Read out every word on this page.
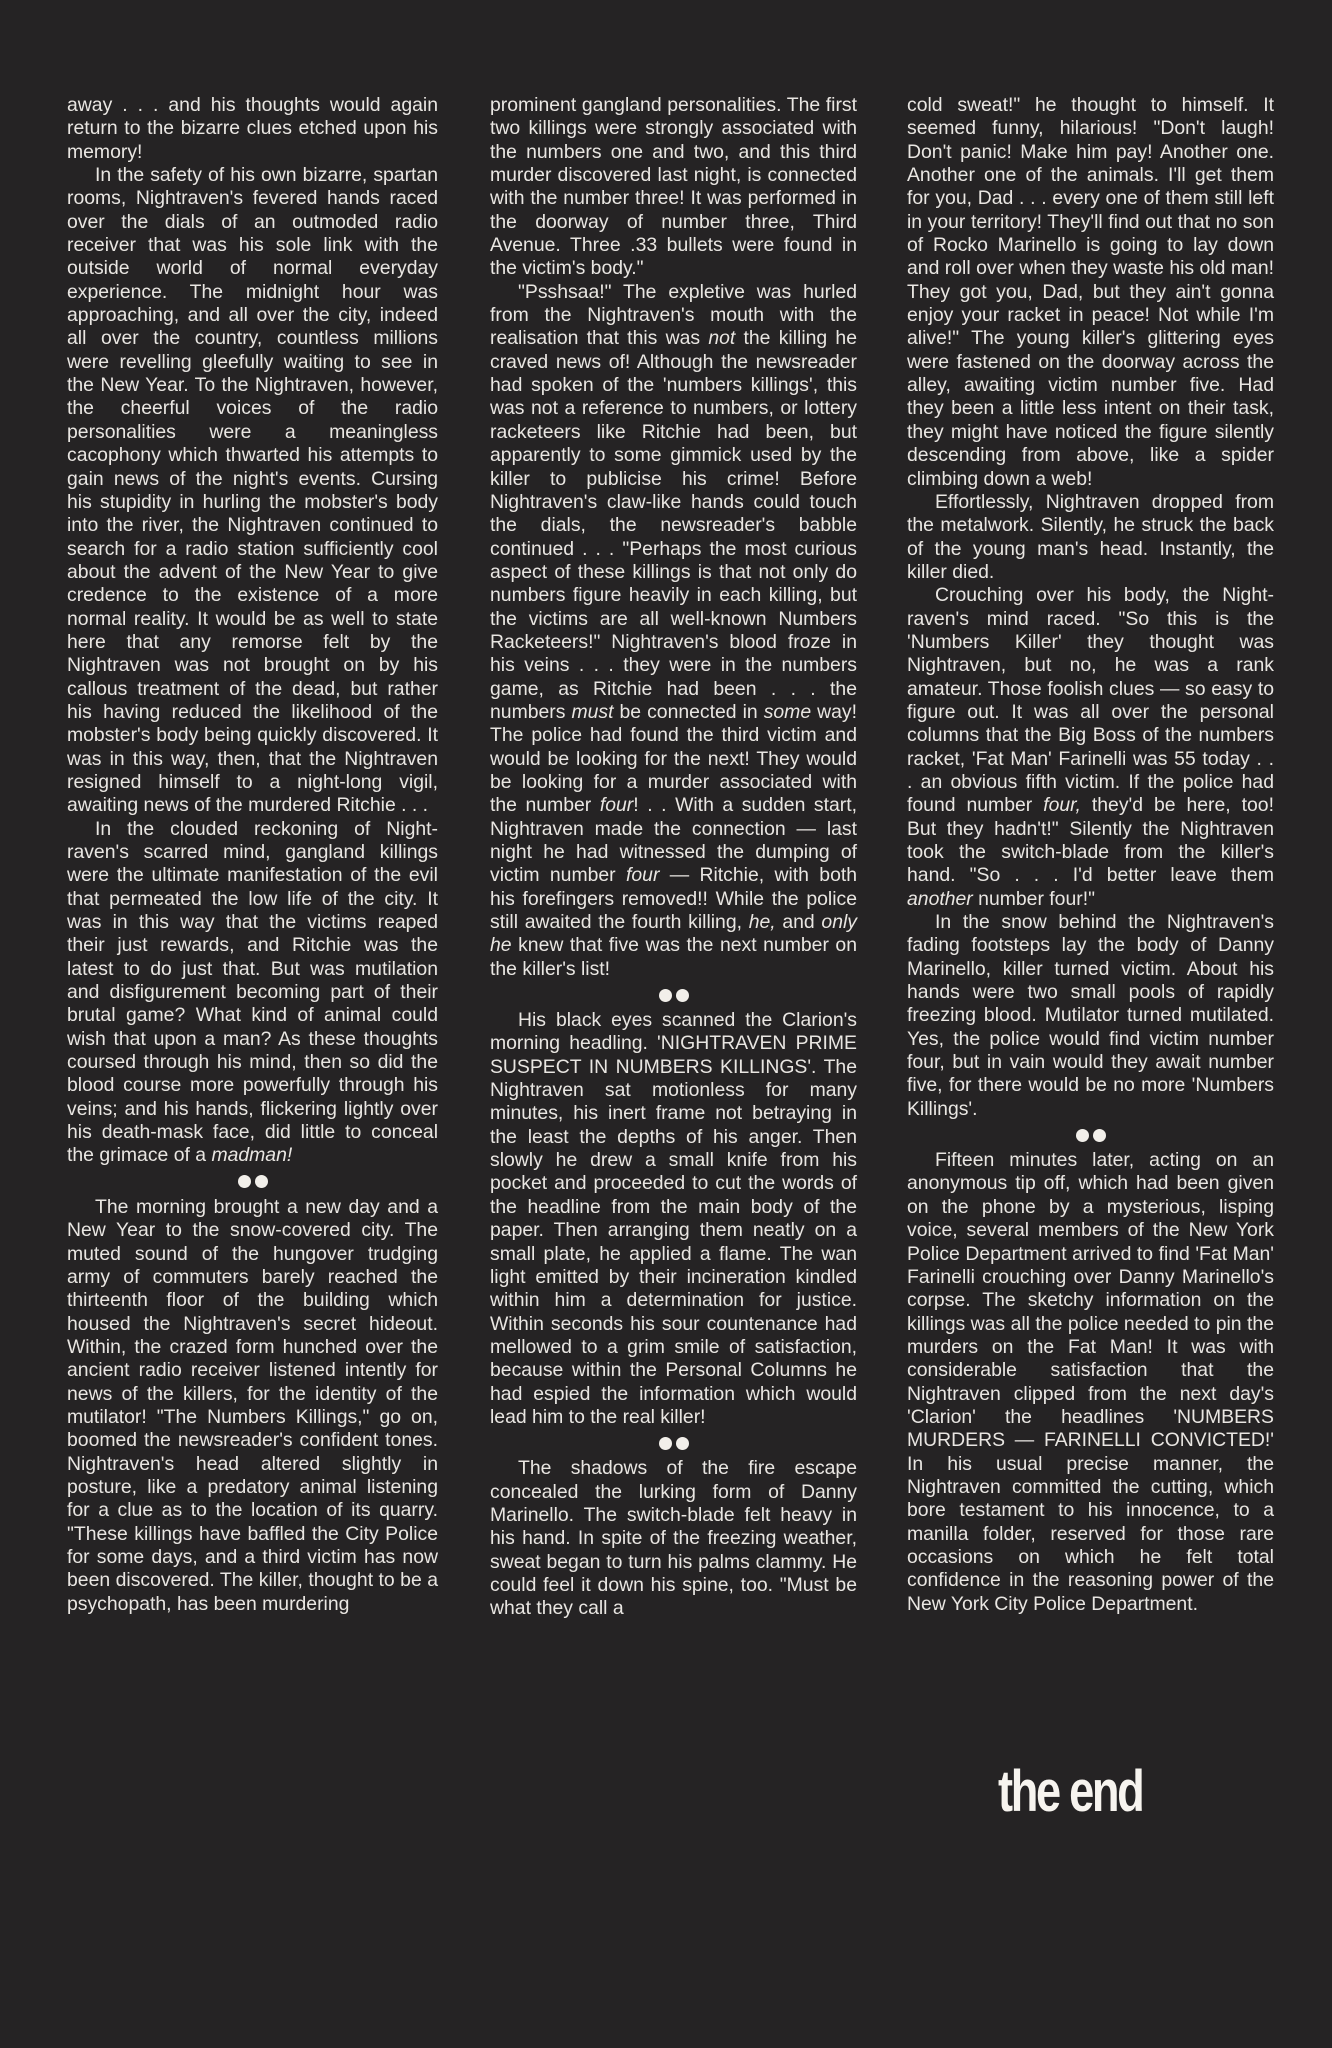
away . . . and his thoughts would again return to the bizarre clues etched upon his memory!

In the safety of his own bizarre, spartan rooms, Nightraven's fevered hands raced over the dials of an outmoded radio receiver that was his sole link with the outside world of normal everyday experience. The midnight hour was approaching, and all over the city, indeed all over the country, countless millions were revelling gleefully waiting to see in the New Year. To the Nightraven, however, the cheerful voices of the radio personalities were a meaningless cacophony which thwarted his attempts to gain news of the night's events. Cursing his stupidity in hurling the mobster's body into the river, the Nightraven continued to search for a radio station sufficiently cool about the advent of the New Year to give credence to the existence of a more normal reality. It would be as well to state here that any remorse felt by the Nightraven was not brought on by his callous treatment of the dead, but rather his having reduced the likelihood of the mobster's body being quickly discovered. It was in this way, then, that the Nightraven resigned himself to a night-long vigil, awaiting news of the murdered Ritchie . . .

In the clouded reckoning of Nightraven's scarred mind, gangland killings were the ultimate manifestation of the evil that permeated the low life of the city. It was in this way that the victims reaped their just rewards, and Ritchie was the latest to do just that. But was mutilation and disfigurement becoming part of their brutal game? What kind of animal could wish that upon a man? As these thoughts coursed through his mind, then so did the blood course more powerfully through his veins; and his hands, flickering lightly over his death-mask face, did little to conceal the grimace of a madman!

The morning brought a new day and a New Year to the snow-covered city. The muted sound of the hungover trudging army of commuters barely reached the thirteenth floor of the building which housed the Nightraven's secret hideout. Within, the crazed form hunched over the ancient radio receiver listened intently for news of the killers, for the identity of the mutilator! "The Numbers Killings," go on, boomed the newsreader's confident tones. Nightraven's head altered slightly in posture, like a predatory animal listening for a clue as to the location of its quarry. "These killings have baffled the City Police for some days, and a third victim has now been discovered. The killer, thought to be a psychopath, has been murdering

prominent gangland personalities. The first two killings were strongly associated with the numbers one and two, and this third murder discovered last night, is connected with the number three! It was performed in the doorway of number three, Third Avenue. Three .33 bullets were found in the victim's body."

"Psshsaa!" The expletive was hurled from the Nightraven's mouth with the realisation that this was not the killing he craved news of! Although the newsreader had spoken of the 'numbers killings', this was not a reference to numbers, or lottery racketeers like Ritchie had been, but apparently to some gimmick used by the killer to publicise his crime! Before Nightraven's claw-like hands could touch the dials, the newsreader's babble continued . . . "Perhaps the most curious aspect of these killings is that not only do numbers figure heavily in each killing, but the victims are all well-known Numbers Racketeers!" Nightraven's blood froze in his veins . . . they were in the numbers game, as Ritchie had been . . . the numbers must be connected in some way! The police had found the third victim and would be looking for the next! They would be looking for a murder associated with the number four! . . With a sudden start, Nightraven made the connection — last night he had witnessed the dumping of victim number four — Ritchie, with both his forefingers removed!! While the police still awaited the fourth killing, he, and only he knew that five was the next number on the killer's list!

His black eyes scanned the Clarion's morning headling. 'NIGHTRAVEN PRIME SUSPECT IN NUMBERS KILLINGS'. The Nightraven sat motionless for many minutes, his inert frame not betraying in the least the depths of his anger. Then slowly he drew a small knife from his pocket and proceeded to cut the words of the headline from the main body of the paper. Then arranging them neatly on a small plate, he applied a flame. The wan light emitted by their incineration kindled within him a determination for justice. Within seconds his sour countenance had mellowed to a grim smile of satisfaction, because within the Personal Columns he had espied the information which would lead him to the real killer!

The shadows of the fire escape concealed the lurking form of Danny Marinello. The switch-blade felt heavy in his hand. In spite of the freezing weather, sweat began to turn his palms clammy. He could feel it down his spine, too. "Must be what they call a

cold sweat!" he thought to himself. It seemed funny, hilarious! "Don't laugh! Don't panic! Make him pay! Another one. Another one of the animals. I'll get them for you, Dad . . . every one of them still left in your territory! They'll find out that no son of Rocko Marinello is going to lay down and roll over when they waste his old man! They got you, Dad, but they ain't gonna enjoy your racket in peace! Not while I'm alive!" The young killer's glittering eyes were fastened on the doorway across the alley, awaiting victim number five. Had they been a little less intent on their task, they might have noticed the figure silently descending from above, like a spider climbing down a web!

Effortlessly, Nightraven dropped from the metalwork. Silently, he struck the back of the young man's head. Instantly, the killer died.

Crouching over his body, the Nightraven's mind raced. "So this is the 'Numbers Killer' they thought was Nightraven, but no, he was a rank amateur. Those foolish clues — so easy to figure out. It was all over the personal columns that the Big Boss of the numbers racket, 'Fat Man' Farinelli was 55 today . . . an obvious fifth victim. If the police had found number four, they'd be here, too! But they hadn't!" Silently the Nightraven took the switch-blade from the killer's hand. "So . . . I'd better leave them another number four!"

In the snow behind the Nightraven's fading footsteps lay the body of Danny Marinello, killer turned victim. About his hands were two small pools of rapidly freezing blood. Mutilator turned mutilated. Yes, the police would find victim number four, but in vain would they await number five, for there would be no more 'Numbers Killings'.

Fifteen minutes later, acting on an anonymous tip off, which had been given on the phone by a mysterious, lisping voice, several members of the New York Police Department arrived to find 'Fat Man' Farinelli crouching over Danny Marinello's corpse. The sketchy information on the killings was all the police needed to pin the murders on the Fat Man! It was with considerable satisfaction that the Nightraven clipped from the next day's 'Clarion' the headlines 'NUMBERS MURDERS — FARINELLI CONVICTED!' In his usual precise manner, the Nightraven committed the cutting, which bore testament to his innocence, to a manilla folder, reserved for those rare occasions on which he felt total confidence in the reasoning power of the New York City Police Department.

the end
